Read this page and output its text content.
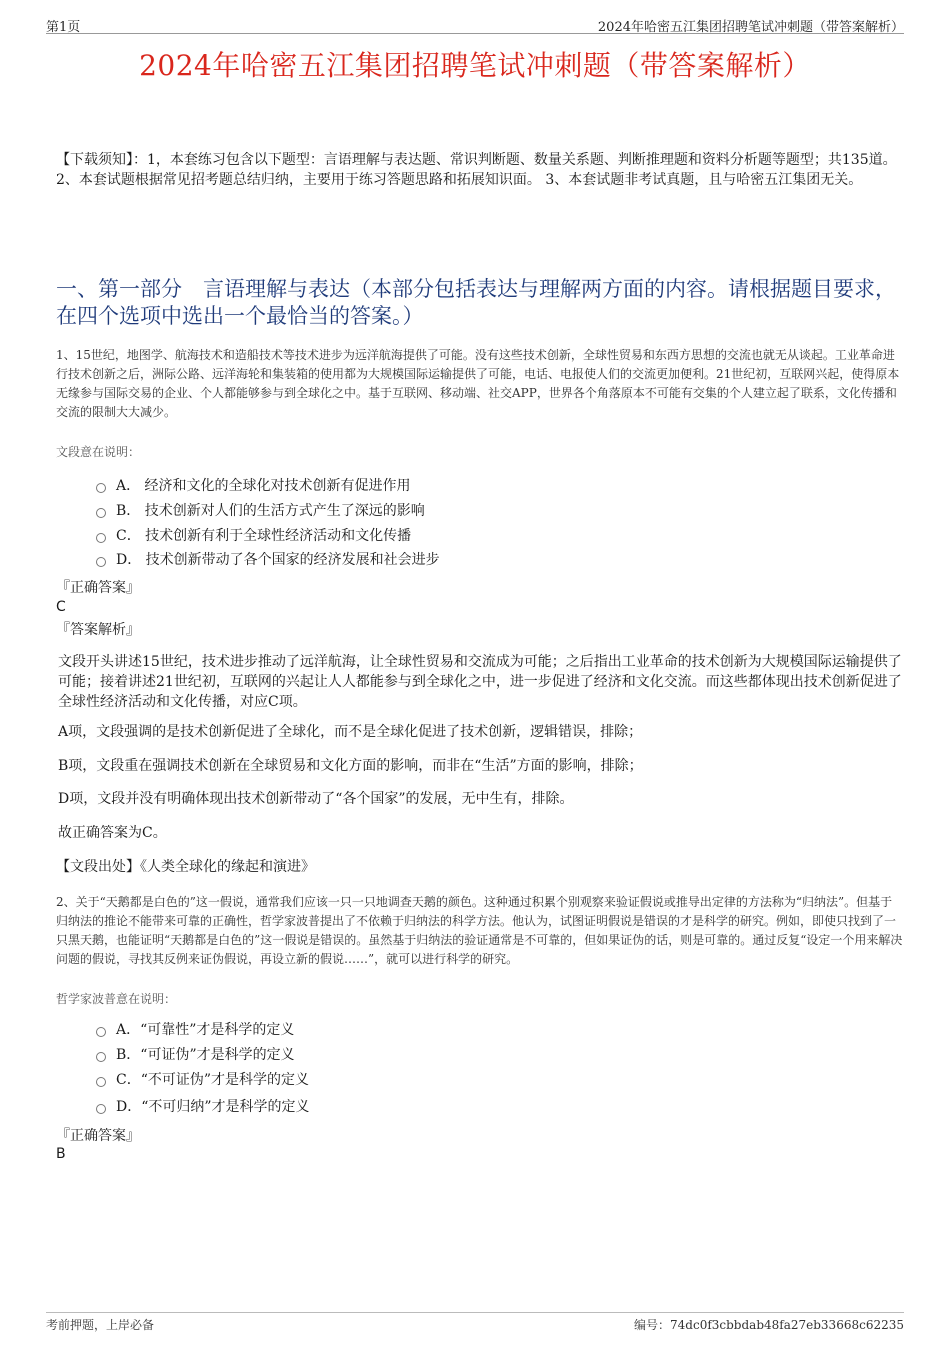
第1页	2024年哈密五江集团招聘笔试冲刺题（带答案解析）
2024年哈密五江集团招聘笔试冲刺题（带答案解析）
【下载须知】：1，本套练习包含以下题型：言语理解与表达题、常识判断题、数量关系题、判断推理题和资料分析题等题型；共135道。 2、本套试题根据常见招考题总结归纳，主要用于练习答题思路和拓展知识面。 3、本套试题非考试真题，且与哈密五江集团无关。
一、第一部分　言语理解与表达（本部分包括表达与理解两方面的内容。请根据题目要求，在四个选项中选出一个最恰当的答案。）
1、15世纪，地图学、航海技术和造船技术等技术进步为远洋航海提供了可能。没有这些技术创新，全球性贸易和东西方思想的交流也就无从谈起。工业革命进行技术创新之后，洲际公路、远洋海轮和集装箱的使用都为大规模国际运输提供了可能，电话、电报使人们的交流更加便利。21世纪初，互联网兴起，使得原本无缘参与国际交易的企业、个人都能够参与到全球化之中。基于互联网、移动端、社交APP，世界各个角落原本不可能有交集的个人建立起了联系，文化传播和交流的限制大大减少。
文段意在说明：
A． 经济和文化的全球化对技术创新有促进作用
B． 技术创新对人们的生活方式产生了深远的影响
C． 技术创新有利于全球性经济活动和文化传播
D． 技术创新带动了各个国家的经济发展和社会进步
『正确答案』
C
『答案解析』
文段开头讲述15世纪，技术进步推动了远洋航海，让全球性贸易和交流成为可能；之后指出工业革命的技术创新为大规模国际运输提供了可能；接着讲述21世纪初，互联网的兴起让人人都能参与到全球化之中，进一步促进了经济和文化交流。而这些都体现出技术创新促进了全球性经济活动和文化传播，对应C项。
A项，文段强调的是技术创新促进了全球化，而不是全球化促进了技术创新，逻辑错误，排除；
B项，文段重在强调技术创新在全球贸易和文化方面的影响，而非在“生活”方面的影响，排除；
D项，文段并没有明确体现出技术创新带动了“各个国家”的发展，无中生有，排除。
故正确答案为C。
【文段出处】《人类全球化的缘起和演进》
2、关于“天鹅都是白色的”这一假说，通常我们应该一只一只地调查天鹅的颜色。这种通过积累个别观察来验证假说或推导出定律的方法称为“归纳法”。但基于归纳法的推论不能带来可靠的正确性，哲学家波普提出了不依赖于归纳法的科学方法。他认为，试图证明假说是错误的才是科学的研究。例如，即使只找到了一只黑天鹅，也能证明“天鹅都是白色的”这一假说是错误的。虽然基于归纳法的验证通常是不可靠的，但如果证伪的话，则是可靠的。通过反复“设定一个用来解决问题的假说，寻找其反例来证伪假说，再设立新的假说……”，就可以进行科学的研究。
哲学家波普意在说明：
A．“可靠性”才是科学的定义
B．“可证伪”才是科学的定义
C．“不可证伪”才是科学的定义
D．“不可归纳”才是科学的定义
『正确答案』
B
考前押题，上岸必备	编号：74dc0f3cbbdab48fa27eb33668c62235
